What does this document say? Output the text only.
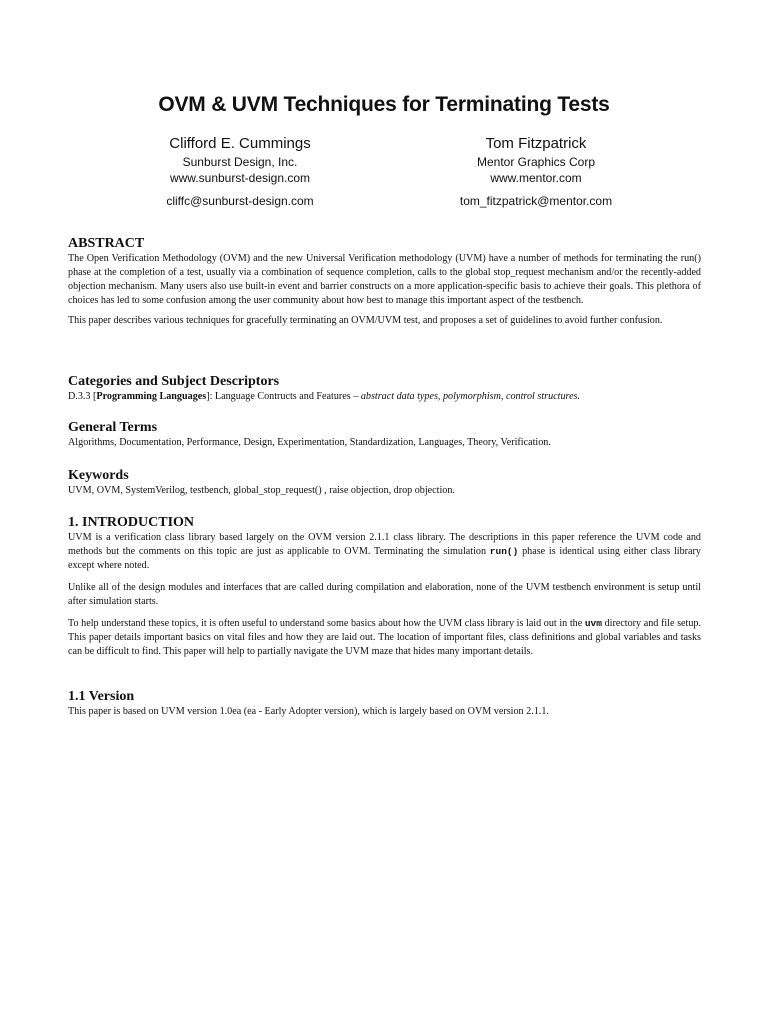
OVM & UVM Techniques for Terminating Tests
Clifford E. Cummings
Sunburst Design, Inc.
www.sunburst-design.com
cliffc@sunburst-design.com
Tom Fitzpatrick
Mentor Graphics Corp
www.mentor.com
tom_fitzpatrick@mentor.com
ABSTRACT

The Open Verification Methodology (OVM) and the new Universal Verification methodology (UVM) have a number of methods for terminating the run() phase at the completion of a test, usually via a combination of sequence completion, calls to the global stop_request mechanism and/or the recently-added objection mechanism. Many users also use built-in event and barrier constructs on a more application-specific basis to achieve their goals. This plethora of choices has led to some confusion among the user community about how best to manage this important aspect of the testbench.

This paper describes various techniques for gracefully terminating an OVM/UVM test, and proposes a set of guidelines to avoid further confusion.

Categories and Subject Descriptors

D.3.3 [Programming Languages]: Language Contructs and Features – abstract data types, polymorphism, control structures.

General Terms

Algorithms, Documentation, Performance, Design, Experimentation, Standardization, Languages, Theory, Verification.

Keywords

UVM, OVM, SystemVerilog, testbench, global_stop_request() , raise objection, drop objection.

1. INTRODUCTION

UVM is a verification class library based largely on the OVM version 2.1.1 class library. The descriptions in this paper reference the UVM code and methods but the comments on this topic are just as applicable to OVM. Terminating the simulation run() phase is identical using either class library except where noted.

Unlike all of the design modules and interfaces that are called during compilation and elaboration, none of the UVM testbench environment is setup until after simulation starts.

To help understand these topics, it is often useful to understand some basics about how the UVM class library is laid out in the uvm directory and file setup. This paper details important basics on vital files and how they are laid out. The location of important files, class definitions and global variables and tasks can be difficult to find. This paper will help to partially navigate the UVM maze that hides many important details.

1.1 Version

This paper is based on UVM version 1.0ea (ea - Early Adopter version), which is largely based on OVM version 2.1.1.
